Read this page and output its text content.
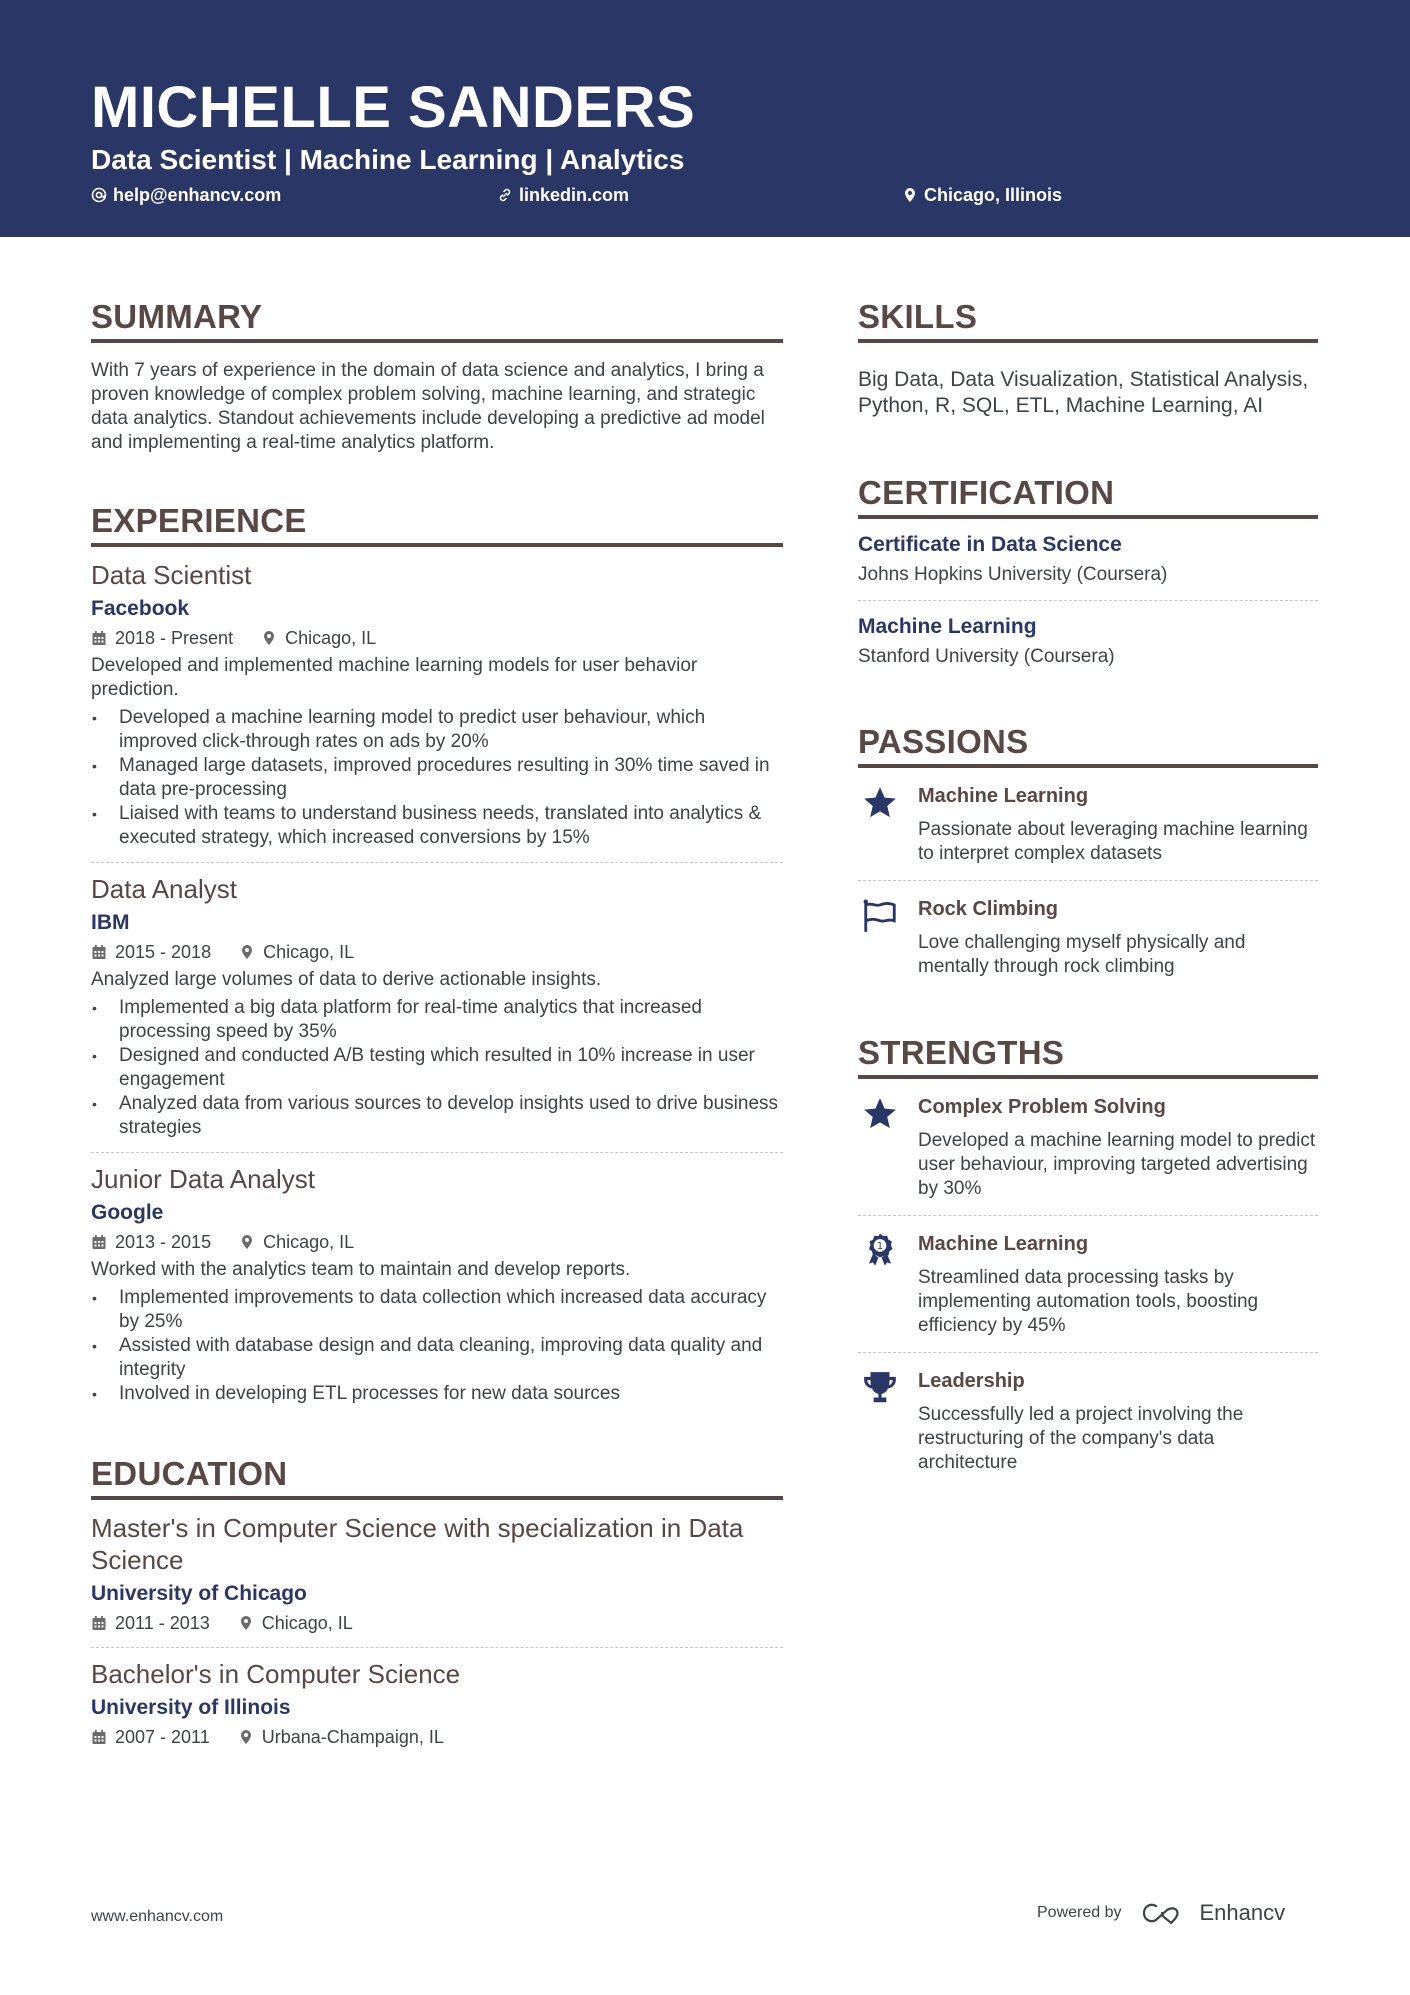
MICHELLE SANDERS
Data Scientist | Machine Learning | Analytics
help@enhancv.com	linkedin.com	Chicago, Illinois
SUMMARY
With 7 years of experience in the domain of data science and analytics, I bring a proven knowledge of complex problem solving, machine learning, and strategic data analytics. Standout achievements include developing a predictive ad model and implementing a real-time analytics platform.
EXPERIENCE
Data Scientist
Facebook
2018 - Present	Chicago, IL
Developed and implemented machine learning models for user behavior prediction.
• Developed a machine learning model to predict user behaviour, which improved click-through rates on ads by 20%
• Managed large datasets, improved procedures resulting in 30% time saved in data pre-processing
• Liaised with teams to understand business needs, translated into analytics & executed strategy, which increased conversions by 15%
Data Analyst
IBM
2015 - 2018	Chicago, IL
Analyzed large volumes of data to derive actionable insights.
• Implemented a big data platform for real-time analytics that increased processing speed by 35%
• Designed and conducted A/B testing which resulted in 10% increase in user engagement
• Analyzed data from various sources to develop insights used to drive business strategies
Junior Data Analyst
Google
2013 - 2015	Chicago, IL
Worked with the analytics team to maintain and develop reports.
• Implemented improvements to data collection which increased data accuracy by 25%
• Assisted with database design and data cleaning, improving data quality and integrity
• Involved in developing ETL processes for new data sources
EDUCATION
Master's in Computer Science with specialization in Data Science
University of Chicago
2011 - 2013	Chicago, IL
Bachelor's in Computer Science
University of Illinois
2007 - 2011	Urbana-Champaign, IL
SKILLS
Big Data, Data Visualization, Statistical Analysis, Python, R, SQL, ETL, Machine Learning, AI
CERTIFICATION
Certificate in Data Science
Johns Hopkins University (Coursera)
Machine Learning
Stanford University (Coursera)
PASSIONS
Machine Learning
Passionate about leveraging machine learning to interpret complex datasets
Rock Climbing
Love challenging myself physically and mentally through rock climbing
STRENGTHS
Complex Problem Solving
Developed a machine learning model to predict user behaviour, improving targeted advertising by 30%
1 Machine Learning
Streamlined data processing tasks by implementing automation tools, boosting efficiency by 45%
Leadership
Successfully led a project involving the restructuring of the company's data architecture
www.enhancv.com	Powered by	Enhancv
